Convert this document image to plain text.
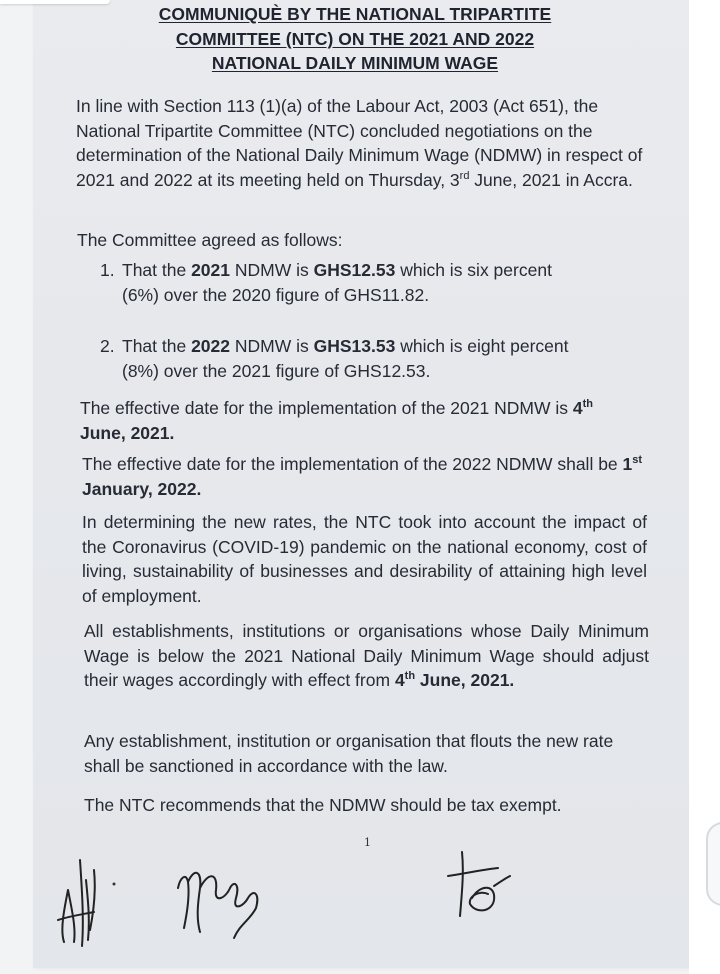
COMMUNIQUÈ BY THE NATIONAL TRIPARTITE
COMMITTEE (NTC) ON THE 2021 AND 2022
NATIONAL DAILY MINIMUM WAGE
In line with Section 113 (1)(a) of the Labour Act, 2003 (Act 651), the National Tripartite Committee (NTC) concluded negotiations on the determination of the National Daily Minimum Wage (NDMW) in respect of 2021 and 2022 at its meeting held on Thursday, 3rd June, 2021 in Accra.
The Committee agreed as follows:
1. That the 2021 NDMW is GHS12.53 which is six percent
(6%) over the 2020 figure of GHS11.82.
2. That the 2022 NDMW is GHS13.53 which is eight percent
(8%) over the 2021 figure of GHS12.53.
The effective date for the implementation of the 2021 NDMW is 4th
June, 2021.
The effective date for the implementation of the 2022 NDMW shall be 1st January, 2022.
In determining the new rates, the NTC took into account the impact of the Coronavirus (COVID-19) pandemic on the national economy, cost of living, sustainability of businesses and desirability of attaining high level of employment.
All establishments, institutions or organisations whose Daily Minimum Wage is below the 2021 National Daily Minimum Wage should adjust their wages accordingly with effect from 4th June, 2021.
Any establishment, institution or organisation that flouts the new rate shall be sanctioned in accordance with the law.
The NTC recommends that the NDMW should be tax exempt.
1
